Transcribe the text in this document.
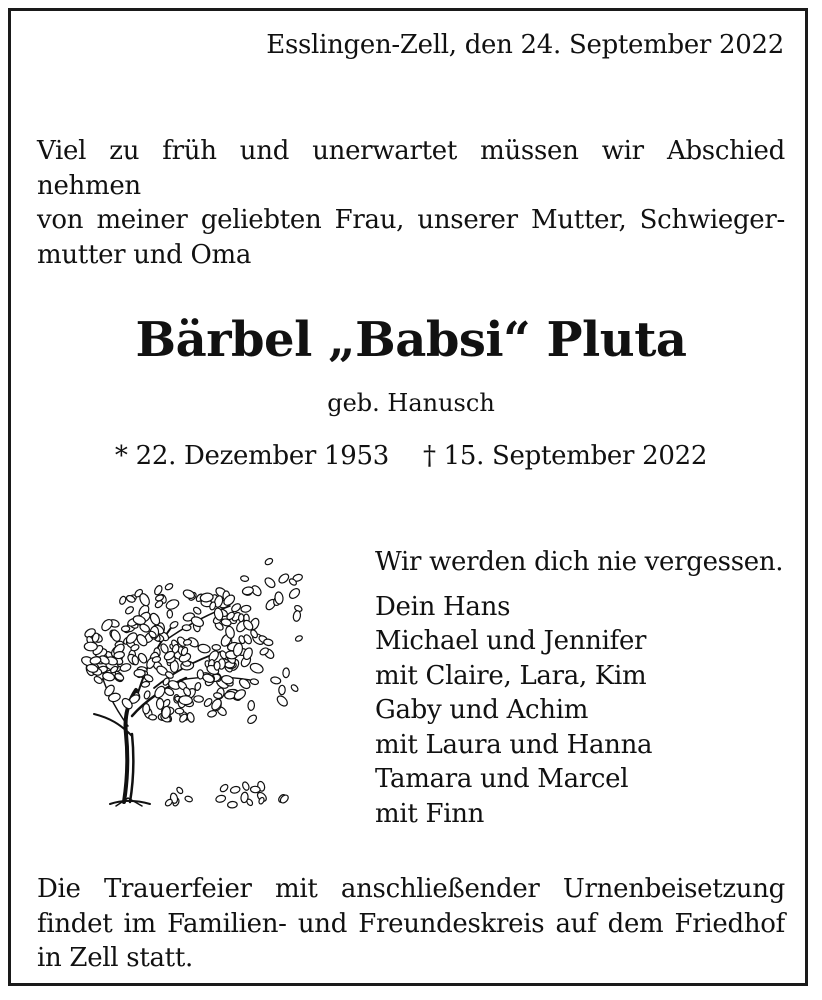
Esslingen-Zell, den 24. September 2022
Viel zu früh und unerwartet müssen wir Abschied nehmen
von meiner geliebten Frau, unserer Mutter, Schwieger-
mutter und Oma
Bärbel „Babsi“ Pluta
geb. Hanusch
* 22. Dezember 1953 † 15. September 2022
Wir werden dich nie vergessen.
Dein Hans
Michael und Jennifer
mit Claire, Lara, Kim
Gaby und Achim
mit Laura und Hanna
Tamara und Marcel
mit Finn
Die Trauerfeier mit anschließender Urnenbeisetzung
findet im Familien- und Freundeskreis auf dem Friedhof
in Zell statt.
